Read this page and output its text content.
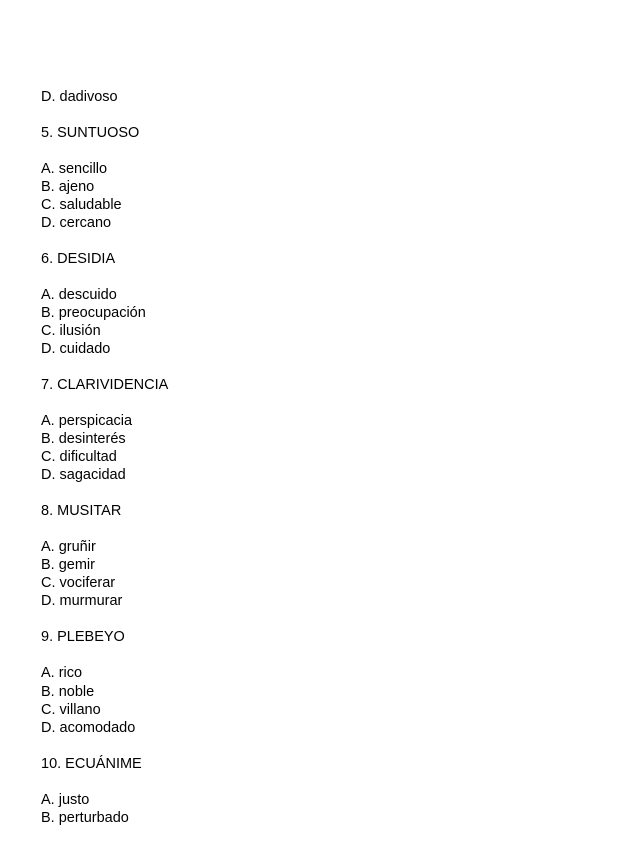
D. dadivoso

5. SUNTUOSO

A. sencillo

B. ajeno

C. saludable

D. cercano

6. DESIDIA

A. descuido

B. preocupación

C. ilusión

D. cuidado

7. CLARIVIDENCIA

A. perspicacia

B. desinterés

C. dificultad

D. sagacidad

8. MUSITAR

A. gruñir

B. gemir

C. vociferar

D. murmurar

9. PLEBEYO

A. rico

B. noble

C. villano

D. acomodado

10. ECUÁNIME

A. justo

B. perturbado
